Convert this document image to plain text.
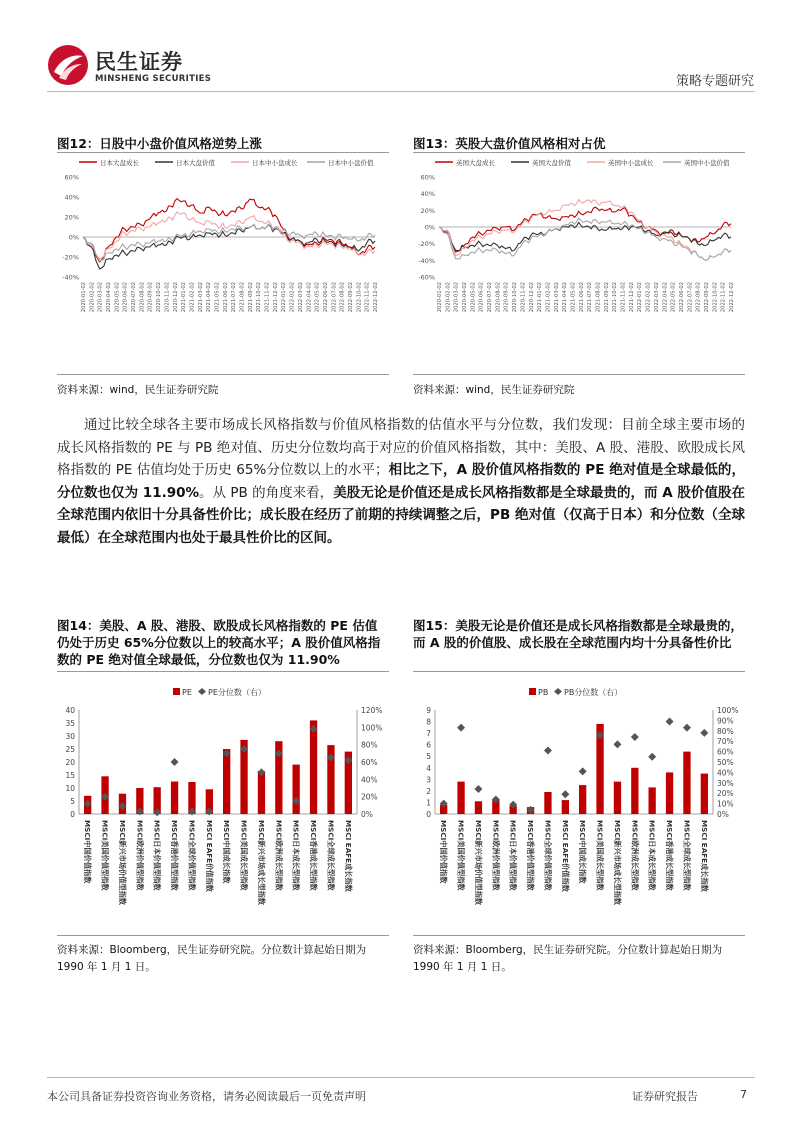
民生证券
MINSHENG SECURITIES	策略专题研究
图12：日股中小盘价值风格逆势上涨
日本大盘成长	日本大盘价值	日本中小盘成长	日本中小盘价值
60%
40%
20%
0%
-20%
-40%
2020-01-02 2020-02-02 2020-03-02 2020-04-02 2020-05-02 2020-06-02 2020-07-02 2020-08-02 2020-09-02 2020-10-02 2020-11-02 2020-12-02 2021-01-02 2021-02-02 2021-03-02 2021-04-02 2021-05-02 2021-06-02 2021-07-02 2021-08-02 2021-09-02 2021-10-02 2021-11-02 2021-12-02 2022-01-02 2022-02-02 2022-03-02 2022-04-02 2022-05-02 2022-06-02 2022-07-02 2022-08-02 2022-09-02 2022-10-02 2022-11-02 2022-12-02
资料来源：wind，民生证券研究院
图13：英股大盘价值风格相对占优
英国大盘成长	英国大盘价值	英国中小盘成长	英国中小盘价值
60%
40%
20%
0%
-20%
-40%
-60%
2020-01-02 2020-02-02 2020-03-02 2020-04-02 2020-05-02 2020-06-02 2020-07-02 2020-08-02 2020-09-02 2020-10-02 2020-11-02 2020-12-02 2021-01-02 2021-02-02 2021-03-02 2021-04-02 2021-05-02 2021-06-02 2021-07-02 2021-08-02 2021-09-02 2021-10-02 2021-11-02 2021-12-02 2022-01-02 2022-02-02 2022-03-02 2022-04-02 2022-05-02 2022-06-02 2022-07-02 2022-08-02 2022-09-02 2022-10-02 2022-11-02 2022-12-02
资料来源：wind，民生证券研究院
通过比较全球各主要市场成长风格指数与价值风格指数的估值水平与分位数，我们发现：目前全球主要市场的成长风格指数的 PE 与 PB 绝对值、历史分位数均高于对应的价值风格指数，其中：美股、A 股、港股、欧股成长风格指数的 PE 估值均处于历史 65%分位数以上的水平；相比之下，A 股价值风格指数的 PE 绝对值是全球最低的，分位数也仅为 11.90%。从 PB 的角度来看，美股无论是价值还是成长风格指数都是全球最贵的，而 A 股价值股在全球范围内依旧十分具备性价比；成长股在经历了前期的持续调整之后，PB 绝对值（仅高于日本）和分位数（全球最低）在全球范围内也处于最具性价比的区间。
图14：美股、A 股、港股、欧股成长风格指数的 PE 估值仍处于历史 65%分位数以上的较高水平；A 股价值风格指数的 PE 绝对值全球最低，分位数也仅为 11.90%
PE PE分位数（右）
0
5
10
15
20
25
30
35
40
0%
20%
40%
60%
80%
100%
120%
MSCI中国价值指数 MSCI美国价值型指数 MSCI新兴市场价值型指数 MSCI欧洲价值型指数 MSCI日本价值型指数 MSCI香港价值型指数 MSCI全球价值型指数 MSCI EAFE价值指数 MSCI中国成长指数 MSCI美国成长型指数 MSCI新兴市场成长型指数 MSCI欧洲成长型指数 MSCI日本成长型指数 MSCI香港成长型指数 MSCI全球成长型指数 MSCI EAFE成长指数
资料来源：Bloomberg，民生证券研究院。分位数计算起始日期为 1990 年 1 月 1 日。
图15：美股无论是价值还是成长风格指数都是全球最贵的，而 A 股的价值股、成长股在全球范围内均十分具备性价比
PB PB分位数（右）
0
1
2
3
4
5
6
7
8
9
0%
10%
20%
30%
40%
50%
60%
70%
80%
90%
100%
MSCI中国价值指数 MSCI美国价值型指数 MSCI新兴市场价值型指数 MSCI欧洲价值型指数 MSCI日本价值型指数 MSCI香港价值型指数 MSCI全球价值型指数 MSCI EAFE价值指数 MSCI中国成长指数 MSCI美国成长型指数 MSCI新兴市场成长型指数 MSCI欧洲成长型指数 MSCI日本成长型指数 MSCI香港成长型指数 MSCI全球成长型指数 MSCI EAFE成长指数
资料来源：Bloomberg，民生证券研究院。分位数计算起始日期为 1990 年 1 月 1 日。
本公司具备证券投资咨询业务资格，请务必阅读最后一页免责声明	证券研究报告	7
